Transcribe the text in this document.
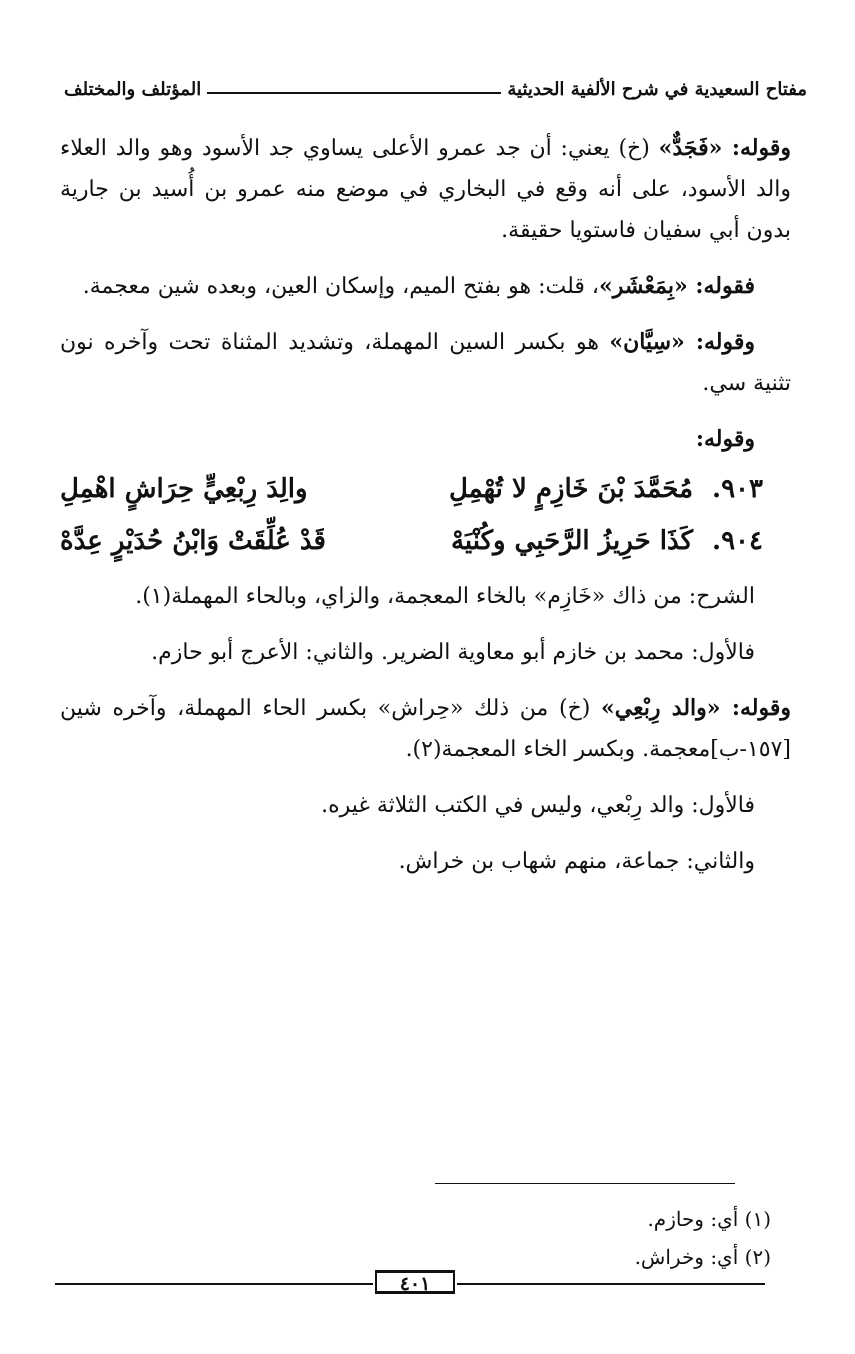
مفتاح السعيدية في شرح الألفية الحديثية
المؤتلف والمختلف

وقوله: «فَجَدٌّ» (خ) يعني: أن جد عمرو الأعلى يساوي جد الأسود وهو والد العلاء والد الأسود، على أنه وقع في البخاري في موضع منه عمرو بن أُسيد بن جارية بدون أبي سفيان فاستويا حقيقة.

فقوله: «بِمَعْشَر»، قلت: هو بفتح الميم، وإسكان العين، وبعده شين معجمة.

وقوله: «سِيَّان» هو بكسر السين المهملة، وتشديد المثناة تحت وآخره نون تثنية سي.

وقوله:

٩٠٣.
مُحَمَّدَ بْنَ خَازِمٍ لا تُهْمِلِ
والِدَ رِبْعِيٍّ حِرَاشٍ اهْمِلِ
٩٠٤.
كَذَا حَرِيزُ الرَّحَبِي وكُنْيَهْ
قَدْ عُلِّقَتْ وَابْنُ حُدَيْرٍ عِدَّهْ

الشرح: من ذاك «خَازِم» بالخاء المعجمة، والزاي، وبالحاء المهملة(١).

فالأول: محمد بن خازم أبو معاوية الضرير. والثاني: الأعرج أبو حازم.

وقوله: «والد رِبْعِي» (خ) من ذلك «حِراش» بكسر الحاء المهملة، وآخره شين [١٥٧-ب]معجمة. وبكسر الخاء المعجمة(٢).

فالأول: والد رِبْعي، وليس في الكتب الثلاثة غيره.

والثاني: جماعة، منهم شهاب بن خراش.

(١) أي: وحازم.
(٢) أي: وخراش.
٤٠١
